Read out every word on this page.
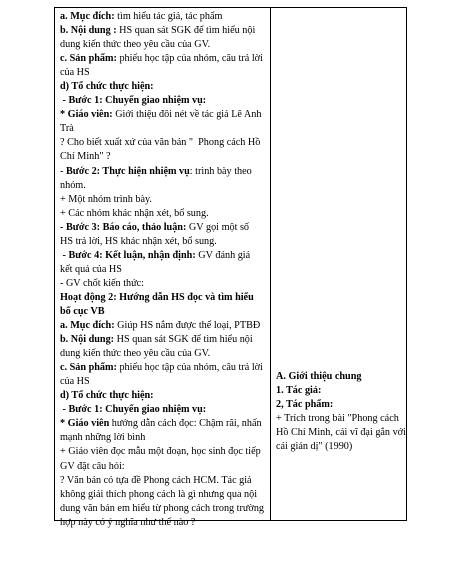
a. Mục đích: tìm hiểu tác giả, tác phẩm
b. Nội dung : HS quan sát SGK để tìm hiểu nội
dung kiến thức theo yêu cầu của GV.
c. Sản phẩm: phiếu học tập của nhóm, câu trả lời
của HS
d) Tổ chức thực hiện:
- Bước 1: Chuyển giao nhiệm vụ:
* Giáo viên: Giới thiệu đôi nét về tác giả Lê Anh
Trà
? Cho biết xuất xứ của văn bản "  Phong cách Hồ
Chí Minh" ?
- Bước 2: Thực hiện nhiệm vụ: trình bày theo
nhóm.
+ Một nhóm trình bày.
+ Các nhóm khác nhận xét, bổ sung.
- Bước 3: Báo cáo, thảo luận: GV gọi một số
HS trả lời, HS khác nhận xét, bổ sung.
- Bước 4: Kết luận, nhận định: GV đánh giá
kết quả của HS
- GV chốt kiến thức:
Hoạt động 2: Hướng dẫn HS đọc và tìm hiểu
bố cục VB
a. Mục đích: Giúp HS nắm được thể loại, PTBĐ
b. Nội dung: HS quan sát SGK để tìm hiểu nội
dung kiến thức theo yêu cầu của GV.
c. Sản phẩm: phiếu học tập của nhóm, câu trả lời
của HS
d) Tổ chức thực hiện:
- Bước 1: Chuyển giao nhiệm vụ:
* Giáo viên hướng dẫn cách đọc: Chậm rãi, nhấn
mạnh những lời bình
+ Giáo viên đọc mẫu một đoạn, học sinh đọc tiếp
GV đặt câu hỏi:
? Văn bản có tựa đề Phong cách HCM. Tác giả
không giải thích phong cách là gì nhưng qua nội
dung văn bản em hiểu từ phong cách trong trường
hợp này có ý nghĩa như thế nào ?
A. Giới thiệu chung
1. Tác giả:
2, Tác phẩm:
+ Trích trong bài "Phong cách
Hồ Chí Minh, cái vĩ đại gắn với
cái giản dị" (1990)
